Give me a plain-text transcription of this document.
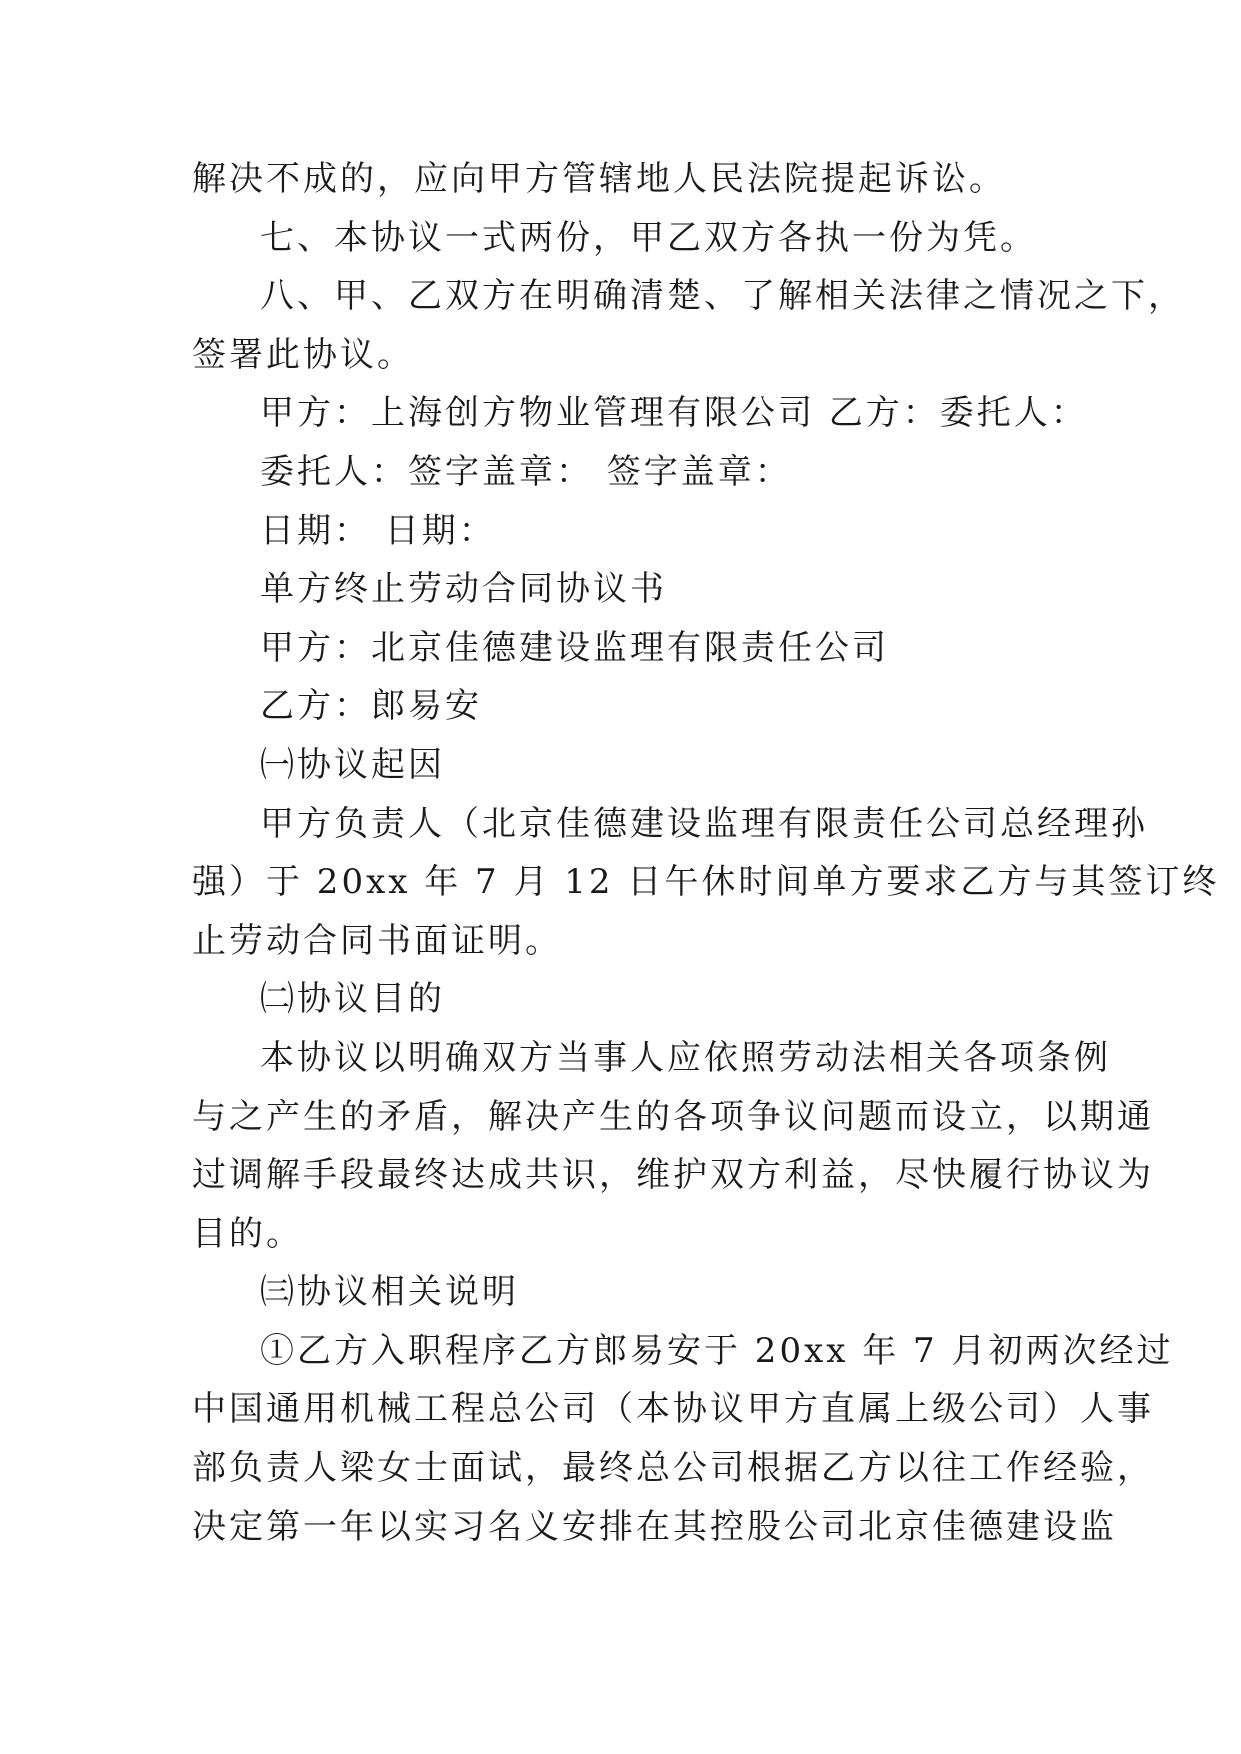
解决不成的，应向甲方管辖地人民法院提起诉讼。
七、本协议一式两份，甲乙双方各执一份为凭。
八、甲、乙双方在明确清楚、了解相关法律之情况之下，
签署此协议。
甲方：上海创方物业管理有限公司 乙方：委托人：
委托人：签字盖章： 签字盖章：
日期： 日期：
单方终止劳动合同协议书
甲方：北京佳德建设监理有限责任公司
乙方：郎易安
㈠协议起因
甲方负责人（北京佳德建设监理有限责任公司总经理孙
强）于 20xx 年 7 月 12 日午休时间单方要求乙方与其签订终
止劳动合同书面证明。
㈡协议目的
本协议以明确双方当事人应依照劳动法相关各项条例
与之产生的矛盾，解决产生的各项争议问题而设立，以期通
过调解手段最终达成共识，维护双方利益，尽快履行协议为
目的。
㈢协议相关说明
①乙方入职程序乙方郎易安于 20xx 年 7 月初两次经过
中国通用机械工程总公司（本协议甲方直属上级公司）人事
部负责人梁女士面试，最终总公司根据乙方以往工作经验，
决定第一年以实习名义安排在其控股公司北京佳德建设监
